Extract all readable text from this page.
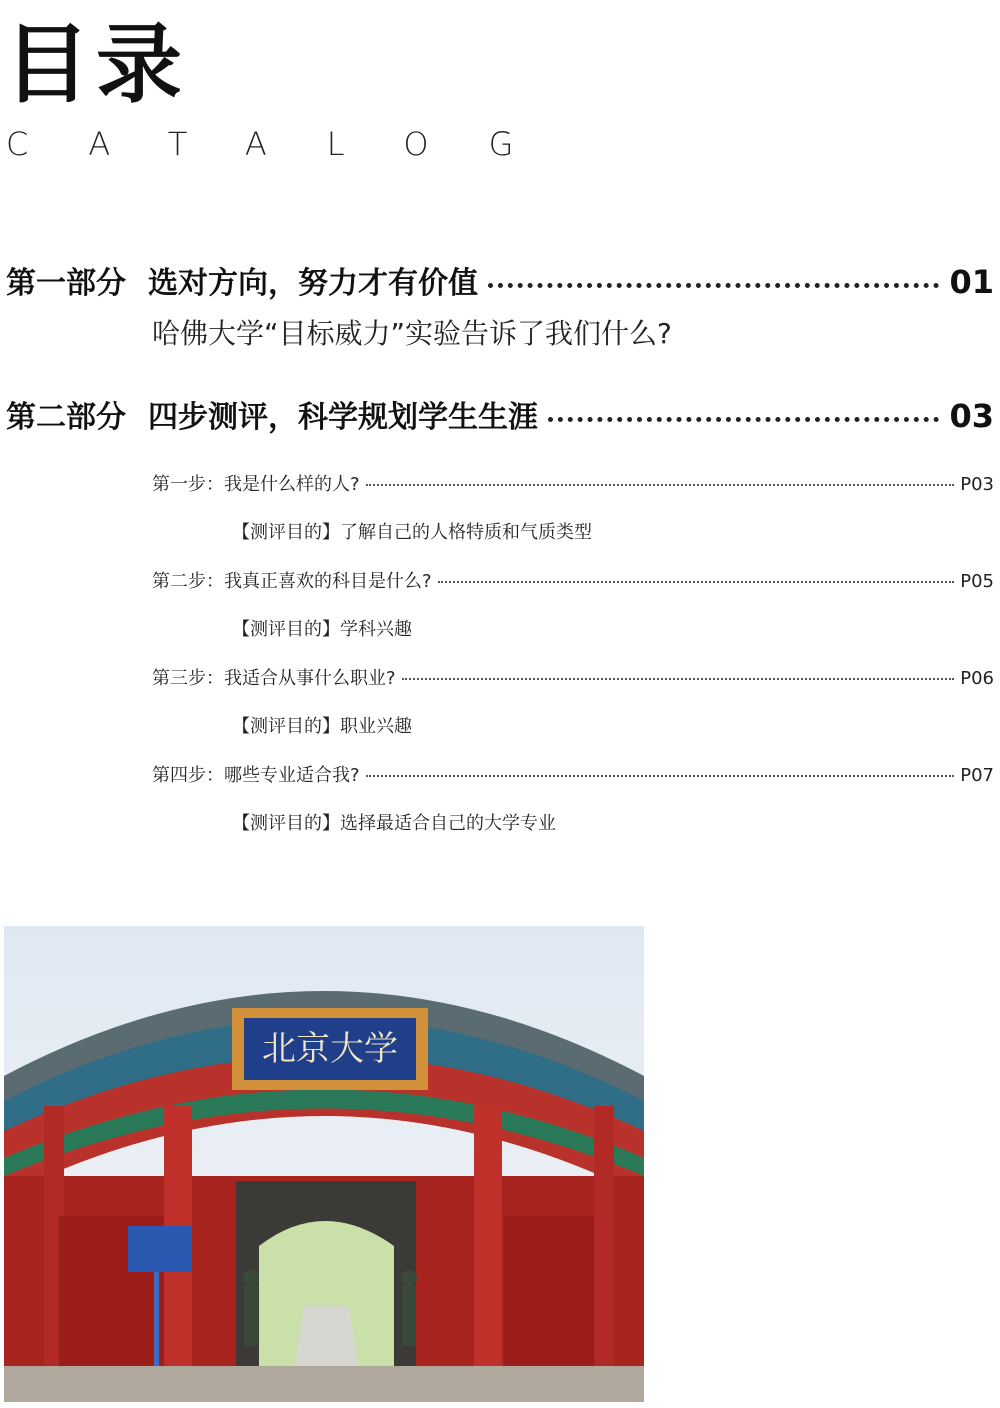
目录
CATALOG
第一部分 选对方向，努力才有价值	01
哈佛大学“目标威力”实验告诉了我们什么?
第二部分 四步测评，科学规划学生生涯	03
第一步：我是什么样的人?	P03
【测评目的】了解自己的人格特质和气质类型
第二步：我真正喜欢的科目是什么?	P05
【测评目的】学科兴趣
第三步：我适合从事什么职业?	P06
【测评目的】职业兴趣
第四步：哪些专业适合我?	P07
【测评目的】选择最适合自己的大学专业
北京大学
